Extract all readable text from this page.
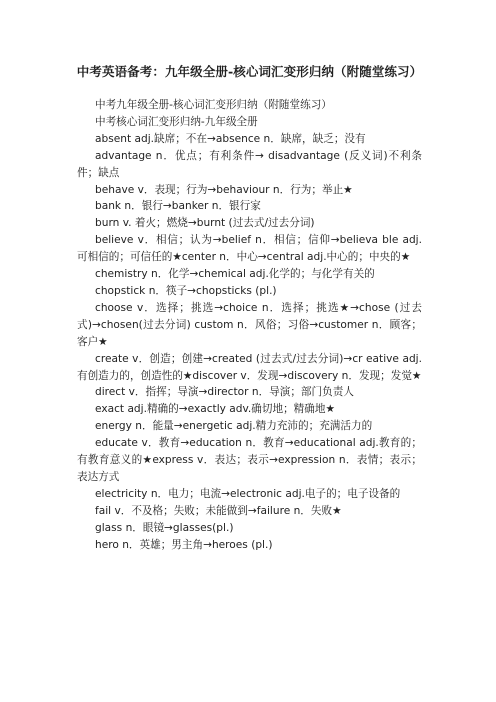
中考英语备考：九年级全册-核心词汇变形归纳（附随堂练习）

中考九年级全册-核心词汇变形归纳（附随堂练习）

中考核心词汇变形归纳-九年级全册

absent adj.缺席；不在→absence n．缺席，缺乏；没有

advantage n．优点；有利条件→ disadvantage (反义词)不利条件；缺点

behave v．表现；行为→behaviour n．行为；举止★

bank n．银行→banker n．银行家

burn v. 着火；燃烧→burnt (过去式/过去分词)

believe v．相信；认为→belief n．相信；信仰→believa ble adj. 可相信的；可信任的★center n．中心→central adj.中心的；中央的★

chemistry n．化学→chemical adj.化学的；与化学有关的

chopstick n．筷子→chopsticks (pl.)

choose v．选择；挑选→choice n．选择；挑选★→chose (过去式)→chosen(过去分词) custom n．风俗；习俗→customer n．顾客；客户★

create v．创造；创建→created (过去式/过去分词)→cr eative adj.有创造力的，创造性的★discover v．发现→discovery n．发现；发觉★

direct v．指挥；导演→director n．导演；部门负责人

exact adj.精确的→exactly adv.确切地；精确地★

energy n．能量→energetic adj.精力充沛的；充满活力的

educate v．教育→education n．教育→educational adj.教育的；有教育意义的★express v．表达；表示→expression n．表情；表示；表达方式

electricity n．电力；电流→electronic adj.电子的；电子设备的

fail v．不及格；失败；未能做到→failure n．失败★

glass n．眼镜→glasses(pl.)

hero n．英雄；男主角→heroes (pl.)
